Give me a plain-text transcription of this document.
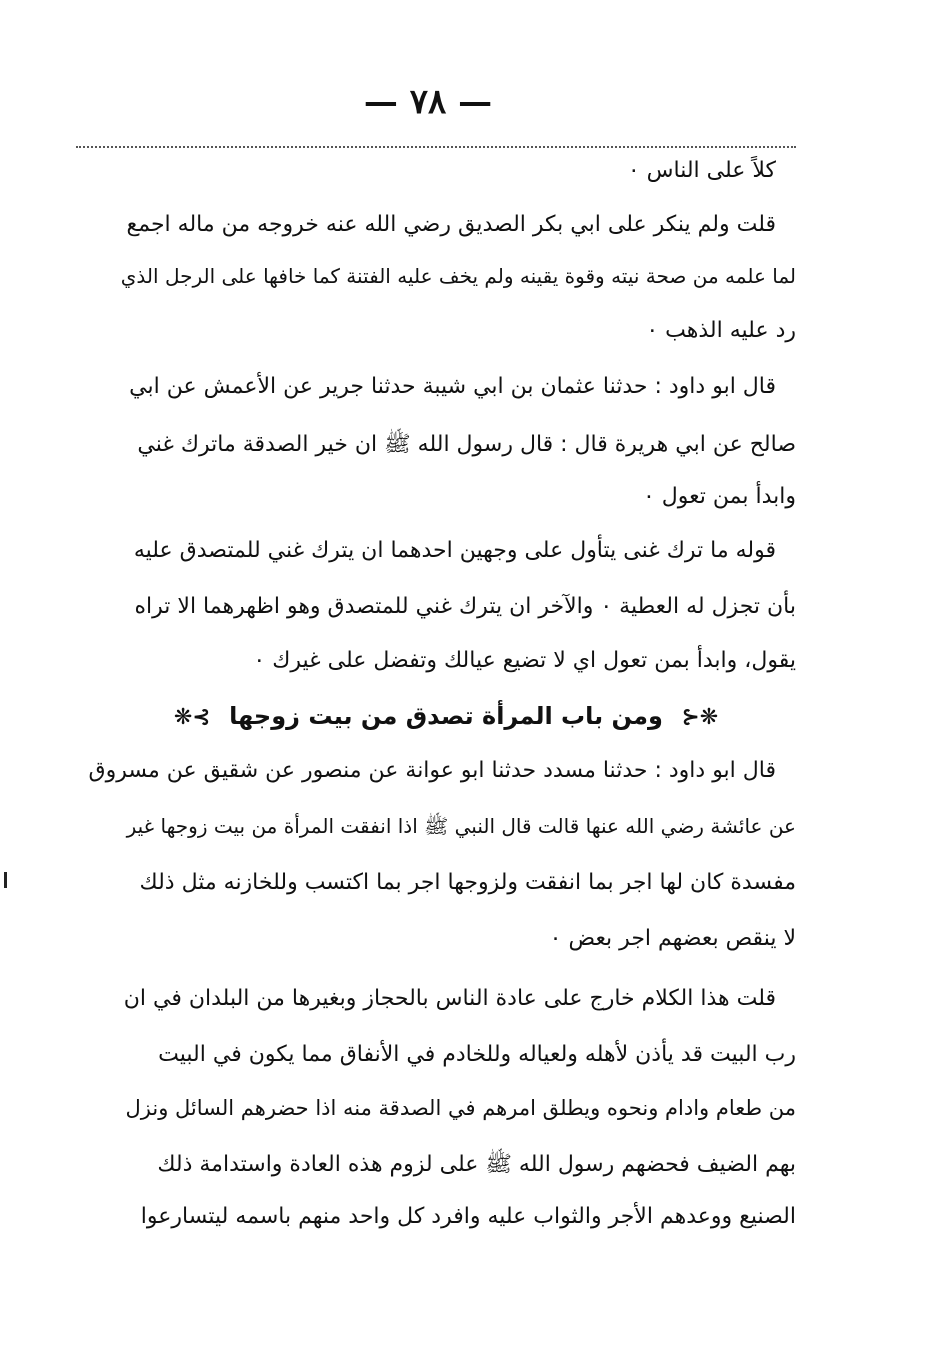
— ٧٨ —
كلاً على الناس ٠
قلت ولم ينكر على ابي بكر الصديق رضي الله عنه خروجه من ماله اجمع
لما علمه من صحة نيته وقوة يقينه ولم يخف عليه الفتنة كما خافها على الرجل الذي
رد عليه الذهب ٠
قال ابو داود : حدثنا عثمان بن ابي شيبة حدثنا جرير عن الأعمش عن ابي
صالح عن ابي هريرة قال : قال رسول الله ﷺ ان خير الصدقة ماترك غني
وابدأ بمن تعول ٠
قوله ما ترك غنى يتأول على وجهين احدهما ان يترك غني للمتصدق عليه
بأن تجزل له العطية ٠ والآخر ان يترك غني للمتصدق وهو اظهرهما الا تراه
يقول، وابدأ بمن تعول اي لا تضيع عيالك وتفضل على غيرك ٠
❋⊰ ومن باب المرأة تصدق من بيت زوجها ⊱❋
قال ابو داود : حدثنا مسدد حدثنا ابو عوانة عن منصور عن شقيق عن مسروق
عن عائشة رضي الله عنها قالت قال النبي ﷺ اذا انفقت المرأة من بيت زوجها غير
مفسدة كان لها اجر بما انفقت ولزوجها اجر بما اكتسب وللخازنه مثل ذلك
لا ينقص بعضهم اجر بعض ٠
قلت هذا الكلام خارج على عادة الناس بالحجاز وبغيرها من البلدان في ان
رب البيت قد يأذن لأهله ولعياله وللخادم في الأنفاق مما يكون في البيت
من طعام وادام ونحوه ويطلق امرهم في الصدقة منه اذا حضرهم السائل ونزل
بهم الضيف فحضهم رسول الله ﷺ على لزوم هذه العادة واستدامة ذلك
الصنيع ووعدهم الأجر والثواب عليه وافرد كل واحد منهم باسمه ليتسارعوا
